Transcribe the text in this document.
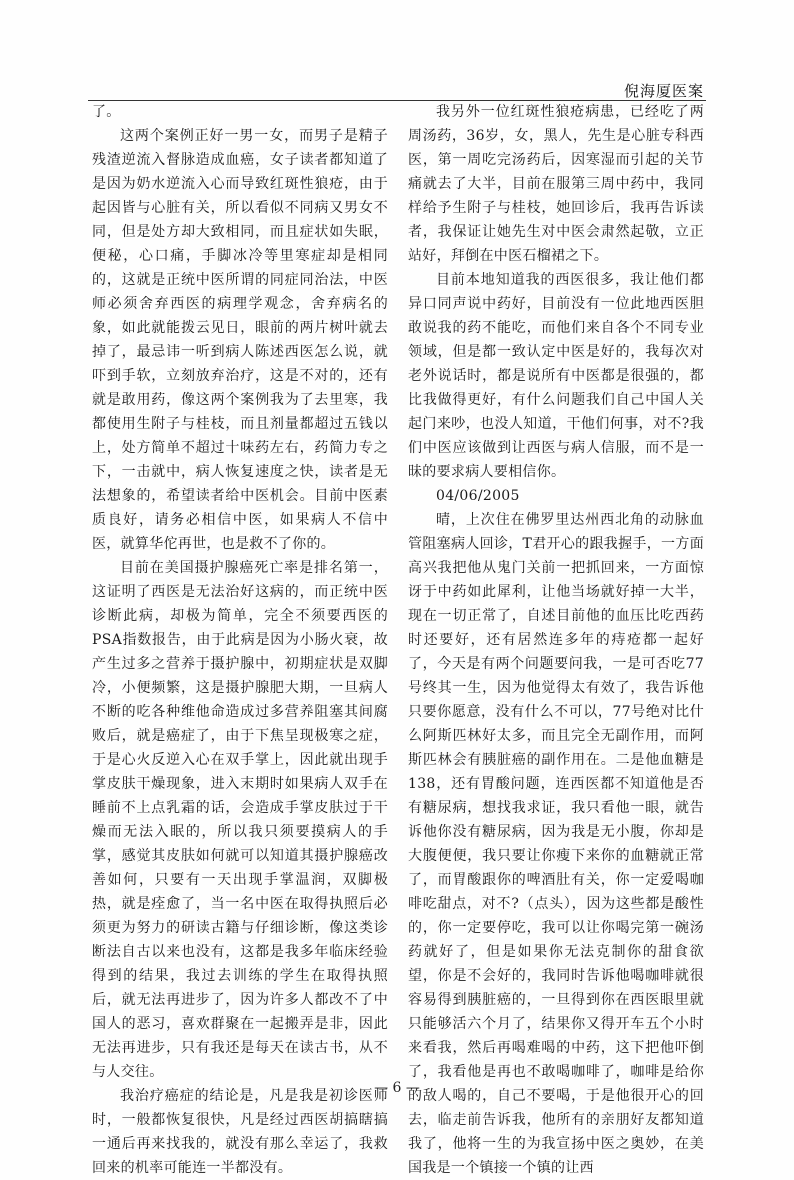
倪海厦医案

了。

这两个案例正好一男一女，而男子是精子残渣逆流入督脉造成血癌，女子读者都知道了是因为奶水逆流入心而导致红斑性狼疮，由于起因皆与心脏有关，所以看似不同病又男女不同，但是处方却大致相同，而且症状如失眠，便秘，心口痛，手脚冰冷等里寒症却是相同的，这就是正统中医所谓的同症同治法，中医师必须舍弃西医的病理学观念，舍弃病名的象，如此就能拨云见日，眼前的两片树叶就去掉了，最忌讳一听到病人陈述西医怎么说，就吓到手软，立刻放弃治疗，这是不对的，还有就是敢用药，像这两个案例我为了去里寒，我都使用生附子与桂枝，而且剂量都超过五钱以上，处方简单不超过十味药左右，药简力专之下，一击就中，病人恢复速度之快，读者是无法想象的，希望读者给中医机会。目前中医素质良好，请务必相信中医，如果病人不信中医，就算华佗再世，也是救不了你的。

目前在美国摄护腺癌死亡率是排名第一，这证明了西医是无法治好这病的，而正统中医诊断此病，却极为简单，完全不须要西医的PSA指数报告，由于此病是因为小肠火衰，故产生过多之营养于摄护腺中，初期症状是双脚冷，小便频繁，这是摄护腺肥大期，一旦病人不断的吃各种维他命造成过多营养阻塞其间腐败后，就是癌症了，由于下焦呈现极寒之症，于是心火反逆入心在双手掌上，因此就出现手掌皮肤干燥现象，进入末期时如果病人双手在睡前不上点乳霜的话，会造成手掌皮肤过于干燥而无法入眠的，所以我只须要摸病人的手掌，感觉其皮肤如何就可以知道其摄护腺癌改善如何，只要有一天出现手掌温润，双脚极热，就是痊愈了，当一名中医在取得执照后必须更为努力的研读古籍与仔细诊断，像这类诊断法自古以来也没有，这都是我多年临床经验得到的结果，我过去训练的学生在取得执照后，就无法再进步了，因为许多人都改不了中国人的恶习，喜欢群聚在一起搬弄是非，因此无法再进步，只有我还是每天在读古书，从不与人交往。

我治疗癌症的结论是，凡是我是初诊医师时，一般都恢复很快，凡是经过西医胡搞瞎搞一通后再来找我的，就没有那么幸运了，我救回来的机率可能连一半都没有。

我另外一位红斑性狼疮病患，已经吃了两周汤药，36岁，女，黑人，先生是心脏专科西医，第一周吃完汤药后，因寒湿而引起的关节痛就去了大半，目前在服第三周中药中，我同样给予生附子与桂枝，她回诊后，我再告诉读者，我保证让她先生对中医会肃然起敬，立正站好，拜倒在中医石榴裙之下。

目前本地知道我的西医很多，我让他们都异口同声说中药好，目前没有一位此地西医胆敢说我的药不能吃，而他们来自各个不同专业领域，但是都一致认定中医是好的，我每次对老外说话时，都是说所有中医都是很强的，都比我做得更好，有什么问题我们自己中国人关起门来吵，也没人知道，干他们何事，对不?我们中医应该做到让西医与病人信服，而不是一昧的要求病人要相信你。

04/06/2005

晴，上次住在佛罗里达州西北角的动脉血管阻塞病人回诊，T君开心的跟我握手，一方面高兴我把他从鬼门关前一把抓回来，一方面惊讶于中药如此犀利，让他当场就好掉一大半，现在一切正常了，自述目前他的血压比吃西药时还要好，还有居然连多年的痔疮都一起好了，今天是有两个问题要问我，一是可否吃77号终其一生，因为他觉得太有效了，我告诉他只要你愿意，没有什么不可以，77号绝对比什么阿斯匹林好太多，而且完全无副作用，而阿斯匹林会有胰脏癌的副作用在。二是他血糖是138，还有胃酸问题，连西医都不知道他是否有糖尿病，想找我求证，我只看他一眼，就告诉他你没有糖尿病，因为我是无小腹，你却是大腹便便，我只要让你瘦下来你的血糖就正常了，而胃酸跟你的啤酒肚有关，你一定爱喝咖啡吃甜点，对不?（点头），因为这些都是酸性的，你一定要停吃，我可以让你喝完第一碗汤药就好了，但是如果你无法克制你的甜食欲望，你是不会好的，我同时告诉他喝咖啡就很容易得到胰脏癌的，一旦得到你在西医眼里就只能够活六个月了，结果你又得开车五个小时来看我，然后再喝难喝的中药，这下把他吓倒了，我看他是再也不敢喝咖啡了，咖啡是给你的敌人喝的，自己不要喝，于是他很开心的回去，临走前告诉我，他所有的亲朋好友都知道我了，他将一生的为我宣扬中医之奥妙，在美国我是一个镇接一个镇的让西

— 6 —
